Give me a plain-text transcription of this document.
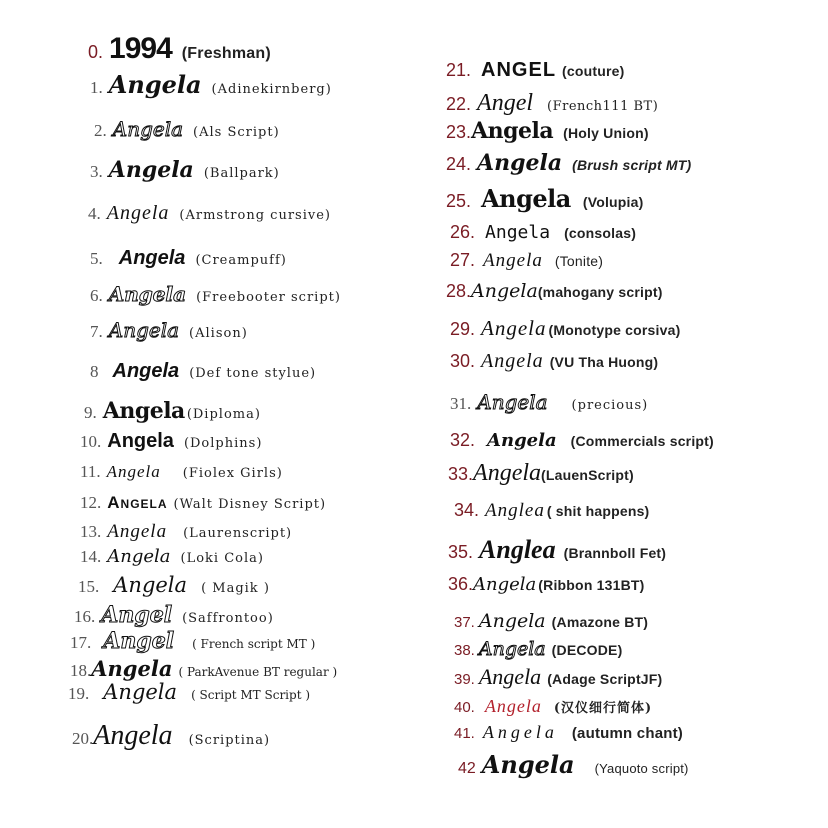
0. 1994 (Freshman)
1. Angela (Adinekirnberg)
2. Angela (Als Script)
3. Angela (Ballpark)
4. Angela (Armstrong cursive)
5. Angela (Creampuff)
6. Angela (Freebooter script)
7. Angela (Alison)
8 Angela (Def tone stylue)
9. Angela (Diploma)
10. Angela (Dolphins)
11. Angela (Fiolex Girls)
12. Angela (Walt Disney Script)
13. Angela (Laurenscript)
14. Angela (Loki Cola)
15. Angela ( Magik )
16. Angel (Saffrontoo)
17. Angel ( French script MT )
18. Angela ( ParkAvenue BT regular )
19. Angela ( Script MT Script )
20. Angela (Scriptina)
21. ANGEL (couture)
22. Angel (French111 BT)
23. Angela (Holy Union)
24. Angela (Brush script MT)
25. Angela (Volupia)
26. Angela (consolas)
27. Angela (Tonite)
28. Angela (mahogany script)
29. Angela (Monotype corsiva)
30. Angela (VU Tha Huong)
31. Angela (precious)
32. Angela (Commercials script)
33. Angela (LauenScript)
34. Anglea ( shit happens)
35. Anglea (Brannboll Fet)
36. Angela (Ribbon 131BT)
37. Angela (Amazone BT)
38. Angela (DECODE)
39. Angela (Adage ScriptJF)
40. Angela (汉仪细行简体)
41. Angela (autumn chant)
42 Angela (Yaquoto script)
